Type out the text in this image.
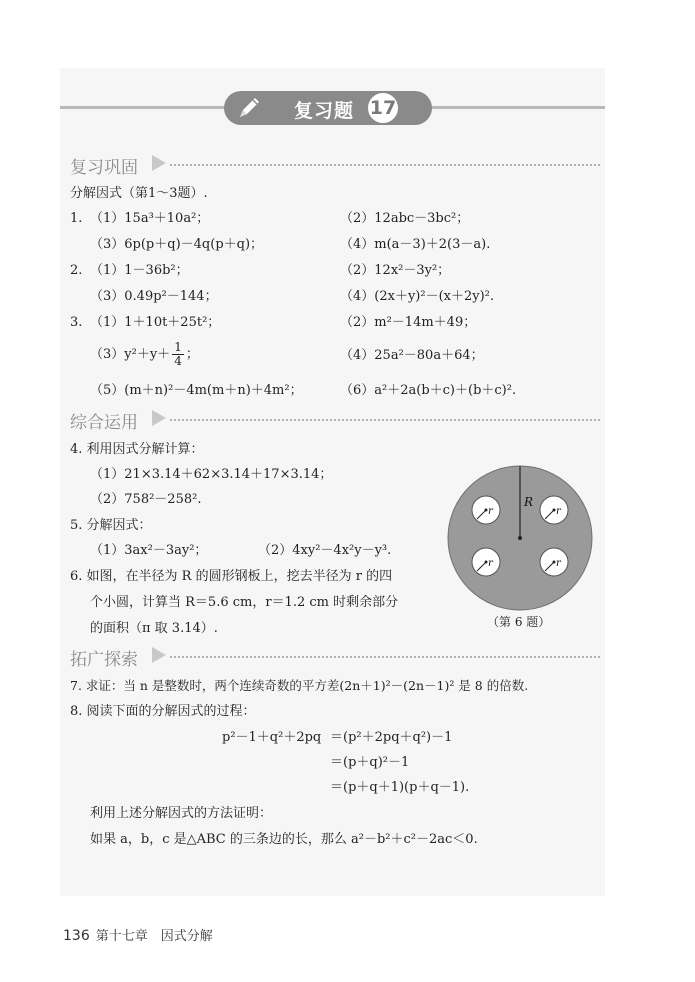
复习题 17
复习巩固
分解因式（第1～3题）.
1. （1）15a³＋10a²；	（2）12abc－3bc²；
（3）6p(p＋q)－4q(p＋q)；	（4）m(a－3)＋2(3－a).
2. （1）1－36b²；	（2）12x²－3y²；
（3）0.49p²－144；	（4）(2x＋y)²－(x＋2y)².
3. （1）1＋10t＋25t²；	（2）m²－14m＋49；
$(3)y^2+y+ \frac{1}{4}$ ；	（4）25a²－80a＋64；
（5）(m＋n)²－4m(m＋n)＋4m²；	（6）a²＋2a(b＋c)＋(b＋c)².
综合运用
4. 利用因式分解计算：
（1）21×3.14＋62×3.14＋17×3.14；
（2）758²－258².
5. 分解因式：
（1）3ax²－3ay²；	（2）4xy²－4x²y－y³.
6. 如图，在半径为 R 的圆形钢板上，挖去半径为 r 的四
个小圆，计算当 R＝5.6 cm，r＝1.2 cm 时剩余部分
的面积（π 取 3.14）.
R
r	r
r	r
（第 6 题）
拓广探索
7. 求证：当 n 是整数时，两个连续奇数的平方差(2n＋1)²－(2n－1)² 是 8 的倍数.
8. 阅读下面的分解因式的过程：
p²－1＋q²＋2pq ＝(p²＋2pq＋q²)－1
＝(p＋q)²－1
＝(p＋q＋1)(p＋q－1).
利用上述分解因式的方法证明：
如果 a，b，c 是△ABC 的三条边的长，那么 a²－b²＋c²－2ac＜0.
136 第十七章　因式分解
